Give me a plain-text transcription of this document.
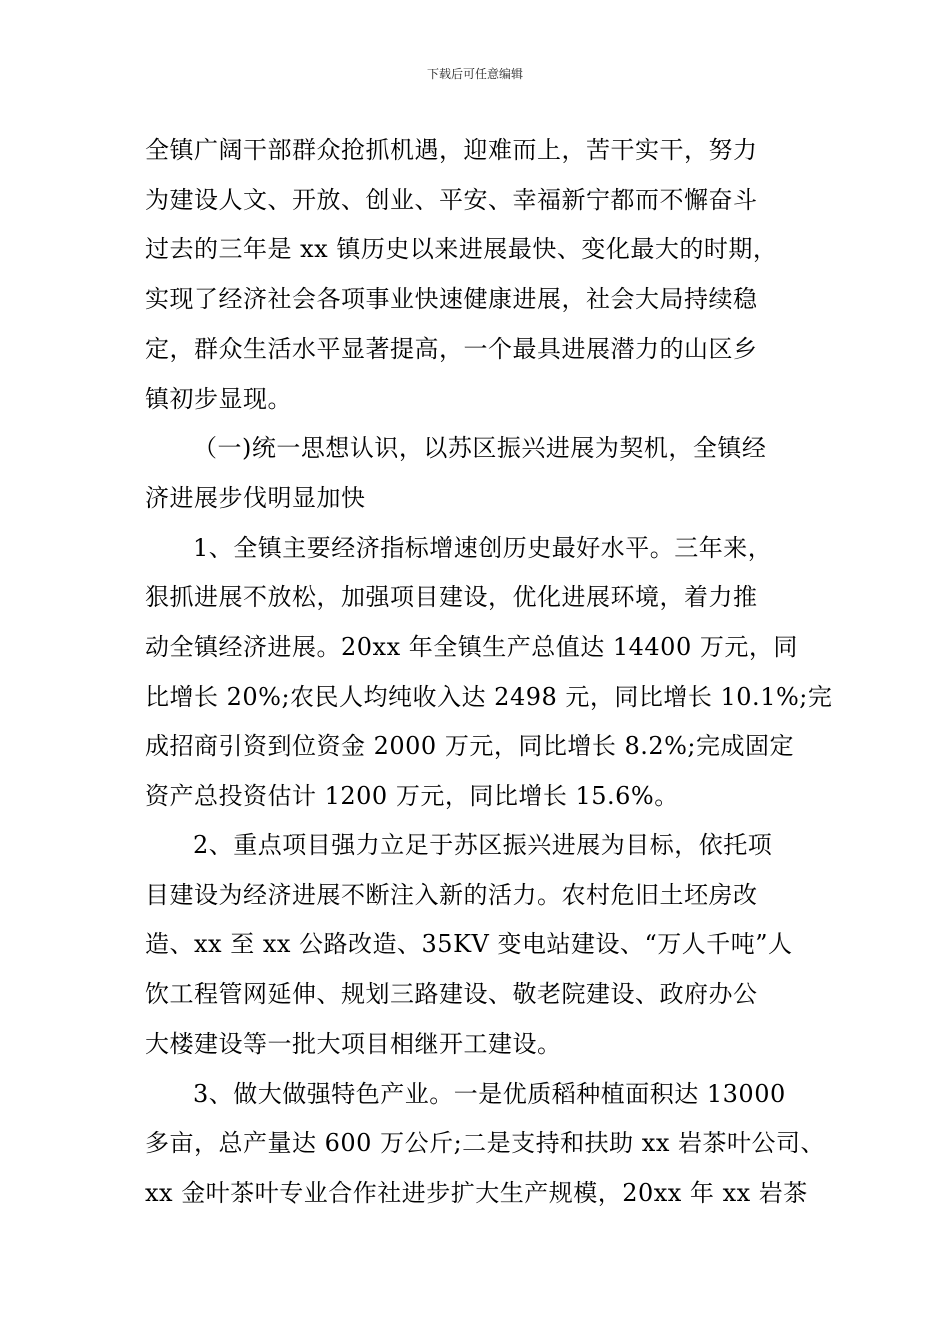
下载后可任意编辑
全镇广阔干部群众抢抓机遇，迎难而上，苦干实干，努力
为建设人文、开放、创业、平安、幸福新宁都而不懈奋斗
过去的三年是 xx 镇历史以来进展最快、变化最大的时期，
实现了经济社会各项事业快速健康进展，社会大局持续稳
定，群众生活水平显著提高，一个最具进展潜力的山区乡
镇初步显现。
（一)统一思想认识，以苏区振兴进展为契机，全镇经
济进展步伐明显加快
1、全镇主要经济指标增速创历史最好水平。三年来，
狠抓进展不放松，加强项目建设，优化进展环境，着力推
动全镇经济进展。20xx 年全镇生产总值达 14400 万元，同
比增长 20%;农民人均纯收入达 2498 元，同比增长 10.1%;完
成招商引资到位资金 2000 万元，同比增长 8.2%;完成固定
资产总投资估计 1200 万元，同比增长 15.6%。
2、重点项目强力立足于苏区振兴进展为目标，依托项
目建设为经济进展不断注入新的活力。农村危旧土坯房改
造、xx 至 xx 公路改造、35KV 变电站建设、“万人千吨”人
饮工程管网延伸、规划三路建设、敬老院建设、政府办公
大楼建设等一批大项目相继开工建设。
3、做大做强特色产业。一是优质稻种植面积达 13000
多亩，总产量达 600 万公斤;二是支持和扶助 xx 岩茶叶公司、
xx 金叶茶叶专业合作社进步扩大生产规模，20xx 年 xx 岩茶
